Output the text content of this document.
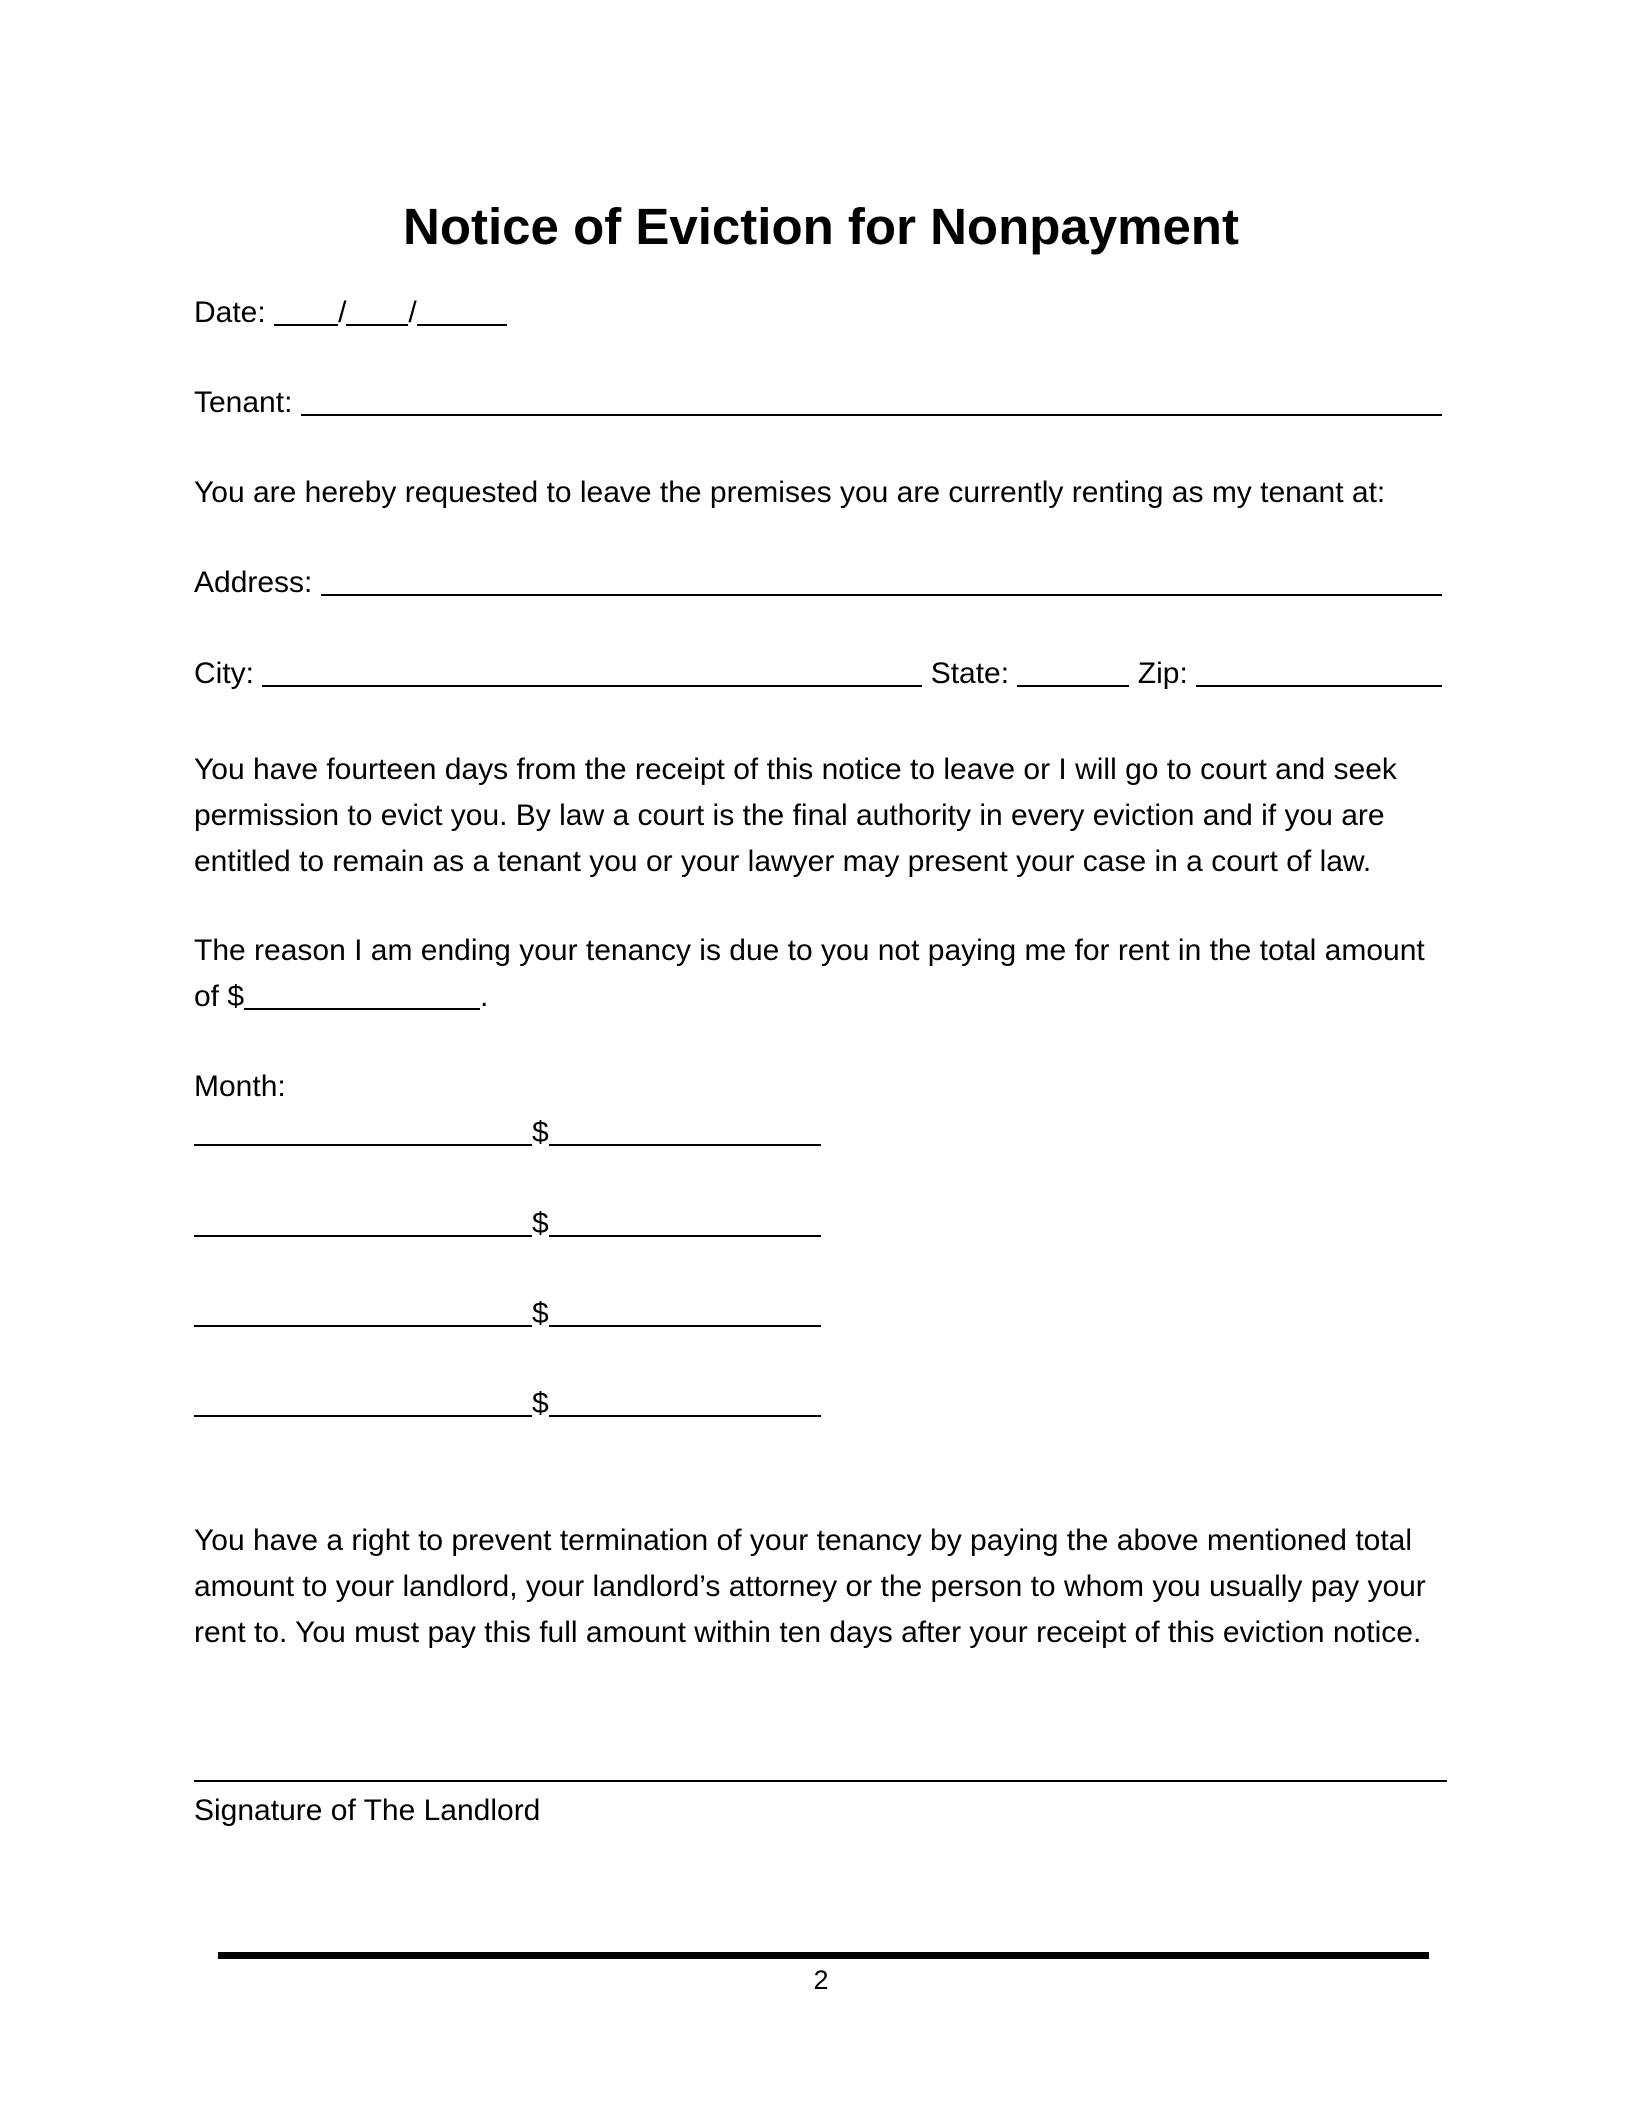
Notice of Eviction for Nonpayment
Date:
/ /
Tenant:

You are hereby requested to leave the premises you are currently renting as my tenant at:
Address:

City:

	State:

	Zip:

You have fourteen days from the receipt of this notice to leave or I will go to court and seek

permission to evict you. By law a court is the final authority in every eviction and if you are

entitled to remain as a tenant you or your lawyer may present your case in a court of law.

The reason I am ending your tenancy is due to you not paying me for rent in the total amount

of $	.
Month:
$
$
$
$

You have a right to prevent termination of your tenancy by paying the above mentioned total

amount to your landlord, your landlord’s attorney or the person to whom you usually pay your

rent to. You must pay this full amount within ten days after your receipt of this eviction notice.

Signature of The Landlord
2
